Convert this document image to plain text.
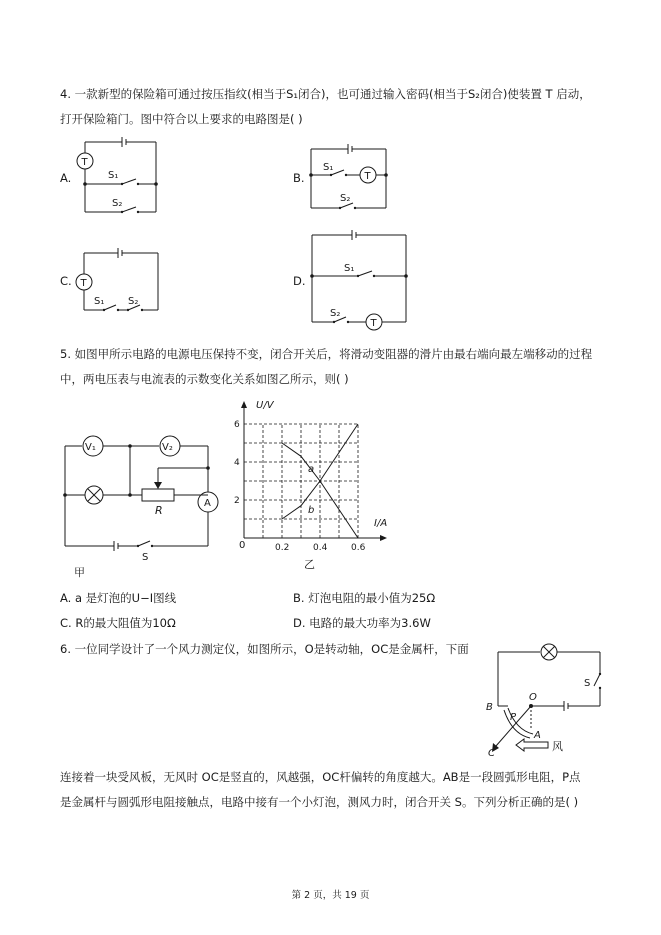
4. 一款新型的保险箱可通过按压指纹(相当于S₁闭合)，也可通过输入密码(相当于S₂闭合)使装置 T 启动，
打开保险箱门。图中符合以上要求的电路图是( )
A.
T
S₁
S₂
B.	T
S₁
S₂
C. T
S₁ S₂
D.
S₁
T
S₂
5. 如图甲所示电路的电源电压保持不变，闭合开关后，将滑动变阻器的滑片由最右端向最左端移动的过程
中，两电压表与电流表的示数变化关系如图乙所示，则( )
V₁	V₂
A
S
R
甲
U/V
I/A
0	0.2	0.4	0.6
2
4
6
a
b
乙
A. a 是灯泡的U−I图线	B. 灯泡电阻的最小值为25Ω
C. R的最大阻值为10Ω	D. 电路的最大功率为3.6W
6. 一位同学设计了一个风力测定仪，如图所示，O是转动轴，OC是金属杆，下面
S
O
B
P
A
C
风
连接着一块受风板，无风时 OC是竖直的，风越强，OC杆偏转的角度越大。AB是一段圆弧形电阻，P点
是金属杆与圆弧形电阻接触点，电路中接有一个小灯泡，测风力时，闭合开关 S。下列分析正确的是( )
第 2 页，共 19 页
